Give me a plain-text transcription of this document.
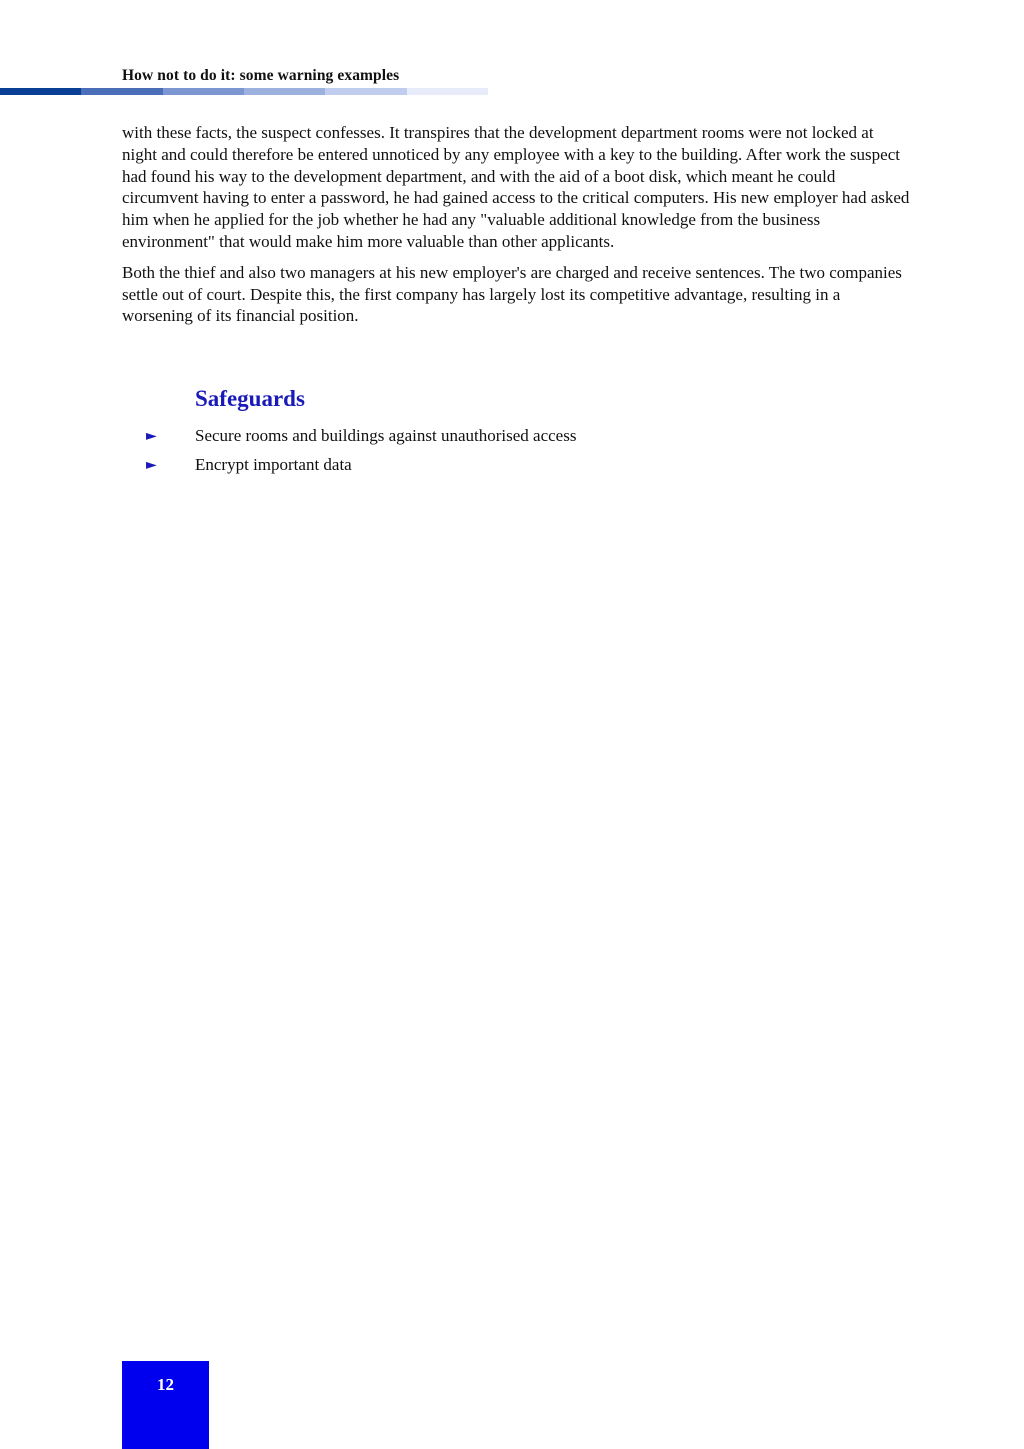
How not to do it: some warning examples

with these facts, the suspect confesses. It transpires that the development department rooms were not locked at night and could therefore be entered unnoticed by any employee with a key to the building. After work the suspect had found his way to the development department, and with the aid of a boot disk, which meant he could circumvent having to enter a password, he had gained access to the critical computers. His new employer had asked him when he applied for the job whether he had any "valuable additional knowledge from the business environment" that would make him more valuable than other applicants.

Both the thief and also two managers at his new employer's are charged and receive sentences. The two companies settle out of court. Despite this, the first company has largely lost its competitive advantage, resulting in a worsening of its financial position.

Safeguards
►	Secure rooms and buildings against unauthorised access
►	Encrypt important data
12
